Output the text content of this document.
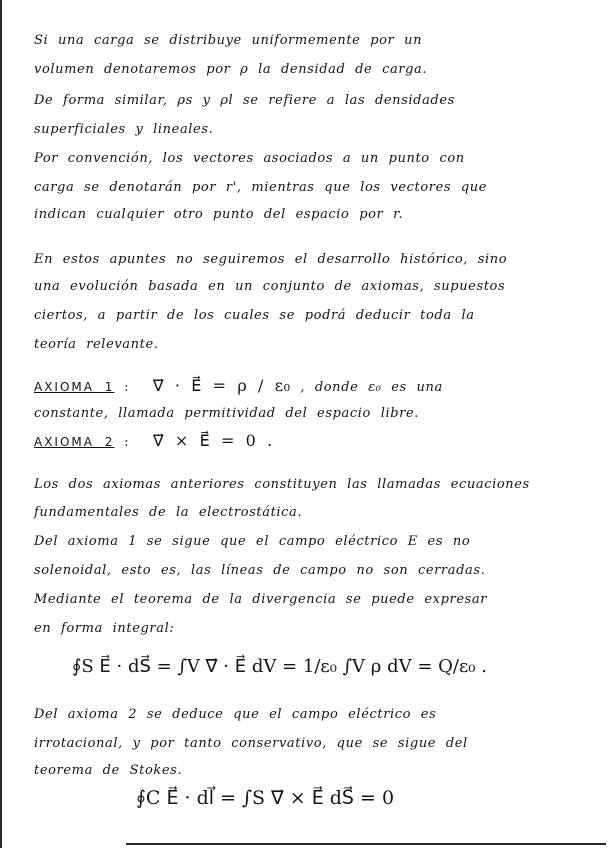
Si una carga se distribuye uniformemente por un
volumen denotaremos por ρ la densidad de carga.
De forma similar, ρs y ρl se refiere a las densidades
superficiales y lineales.
Por convención, los vectores asociados a un punto con
carga se denotarán por r', mientras que los vectores que
indican cualquier otro punto del espacio por r.
En estos apuntes no seguiremos el desarrollo histórico, sino
una evolución basada en un conjunto de axiomas, supuestos
ciertos, a partir de los cuales se podrá deducir toda la
teoría relevante.
AXIOMA 1 : ∇⃗ · E⃗ = ρ / ε₀ , donde ε₀ es una
constante, llamada permitividad del espacio libre.
AXIOMA 2 : ∇⃗ × E⃗ = 0 .
Los dos axiomas anteriores constituyen las llamadas ecuaciones
fundamentales de la electrostática.
Del axioma 1 se sigue que el campo eléctrico E es no
solenoidal, esto es, las líneas de campo no son cerradas.
Mediante el teorema de la divergencia se puede expresar
en forma integral:
∮S E⃗ · dS⃗ = ∫V ∇⃗ · E⃗ dV = 1/ε₀ ∫V ρ dV = Q/ε₀ .
Del axioma 2 se deduce que el campo eléctrico es
irrotacional, y por tanto conservativo, que se sigue del
teorema de Stokes.
∮C E⃗ · dl⃗ = ∫S ∇⃗ × E⃗ dS⃗ = 0
